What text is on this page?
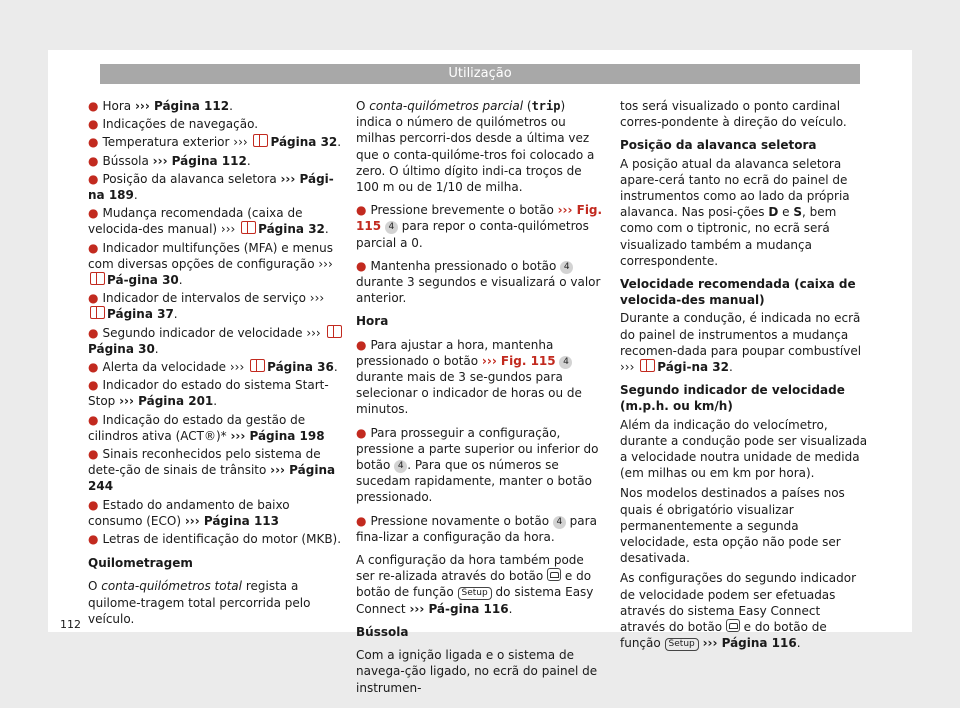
Utilização
● Hora ››› Página 112.
● Indicações de navegação.
● Temperatura exterior ››› Página 32.
● Bússola ››› Página 112.
● Posição da alavanca seletora ››› Pági-na 189.
● Mudança recomendada (caixa de velocida-des manual) ››› Página 32.
● Indicador multifunções (MFA) e menus com diversas opções de configuração ››› Pá-gina 30.
● Indicador de intervalos de serviço ››› Página 37.
● Segundo indicador de velocidade ››› Página 30.
● Alerta da velocidade ››› Página 36.
● Indicador do estado do sistema Start-Stop ››› Página 201.
● Indicação do estado da gestão de cilindros ativa (ACT®)* ››› Página 198
● Sinais reconhecidos pelo sistema de dete-ção de sinais de trânsito ››› Página 244
● Estado do andamento de baixo consumo (ECO) ››› Página 113
● Letras de identificação do motor (MKB).

Quilometragem

O conta-quilómetros total regista a quilome-tragem total percorrida pelo veículo.

O conta-quilómetros parcial (trip) indica o número de quilómetros ou milhas percorri-dos desde a última vez que o conta-quilóme-tros foi colocado a zero. O último dígito indi-ca troços de 100 m ou de 1/10 de milha.

● Pressione brevemente o botão ››› Fig. 115 4 para repor o conta-quilómetros parcial a 0.

● Mantenha pressionado o botão 4 durante 3 segundos e visualizará o valor anterior.

Hora

● Para ajustar a hora, mantenha pressionado o botão ››› Fig. 115 4 durante mais de 3 se-gundos para selecionar o indicador de horas ou de minutos.

● Para prosseguir a configuração, pressione a parte superior ou inferior do botão 4 . Para que os números se sucedam rapidamente, manter o botão pressionado.

● Pressione novamente o botão 4 para fina-lizar a configuração da hora.

A configuração da hora também pode ser re-alizada através do botão  e do botão de função Setup do sistema Easy Connect ››› Pá-gina 116.

Bússola

Com a ignição ligada e o sistema de navega-ção ligado, no ecrã do painel de instrumen-

tos será visualizado o ponto cardinal corres-pondente à direção do veículo.

Posição da alavanca seletora

A posição atual da alavanca seletora apare-cerá tanto no ecrã do painel de instrumentos como ao lado da própria alavanca. Nas posi-ções D e S, bem como com o tiptronic, no ecrã será visualizado também a mudança correspondente.

Velocidade recomendada (caixa de velocida-des manual)

Durante a condução, é indicada no ecrã do painel de instrumentos a mudança recomen-dada para poupar combustível ››› Pági-na 32.

Segundo indicador de velocidade (m.p.h. ou km/h)

Além da indicação do velocímetro, durante a condução pode ser visualizada a velocidade noutra unidade de medida (em milhas ou em km por hora).

Nos modelos destinados a países nos quais é obrigatório visualizar permanentemente a segunda velocidade, esta opção não pode ser desativada.

As configurações do segundo indicador de velocidade podem ser efetuadas através do sistema Easy Connect através do botão  e do botão de função Setup ››› Página 116.

112
